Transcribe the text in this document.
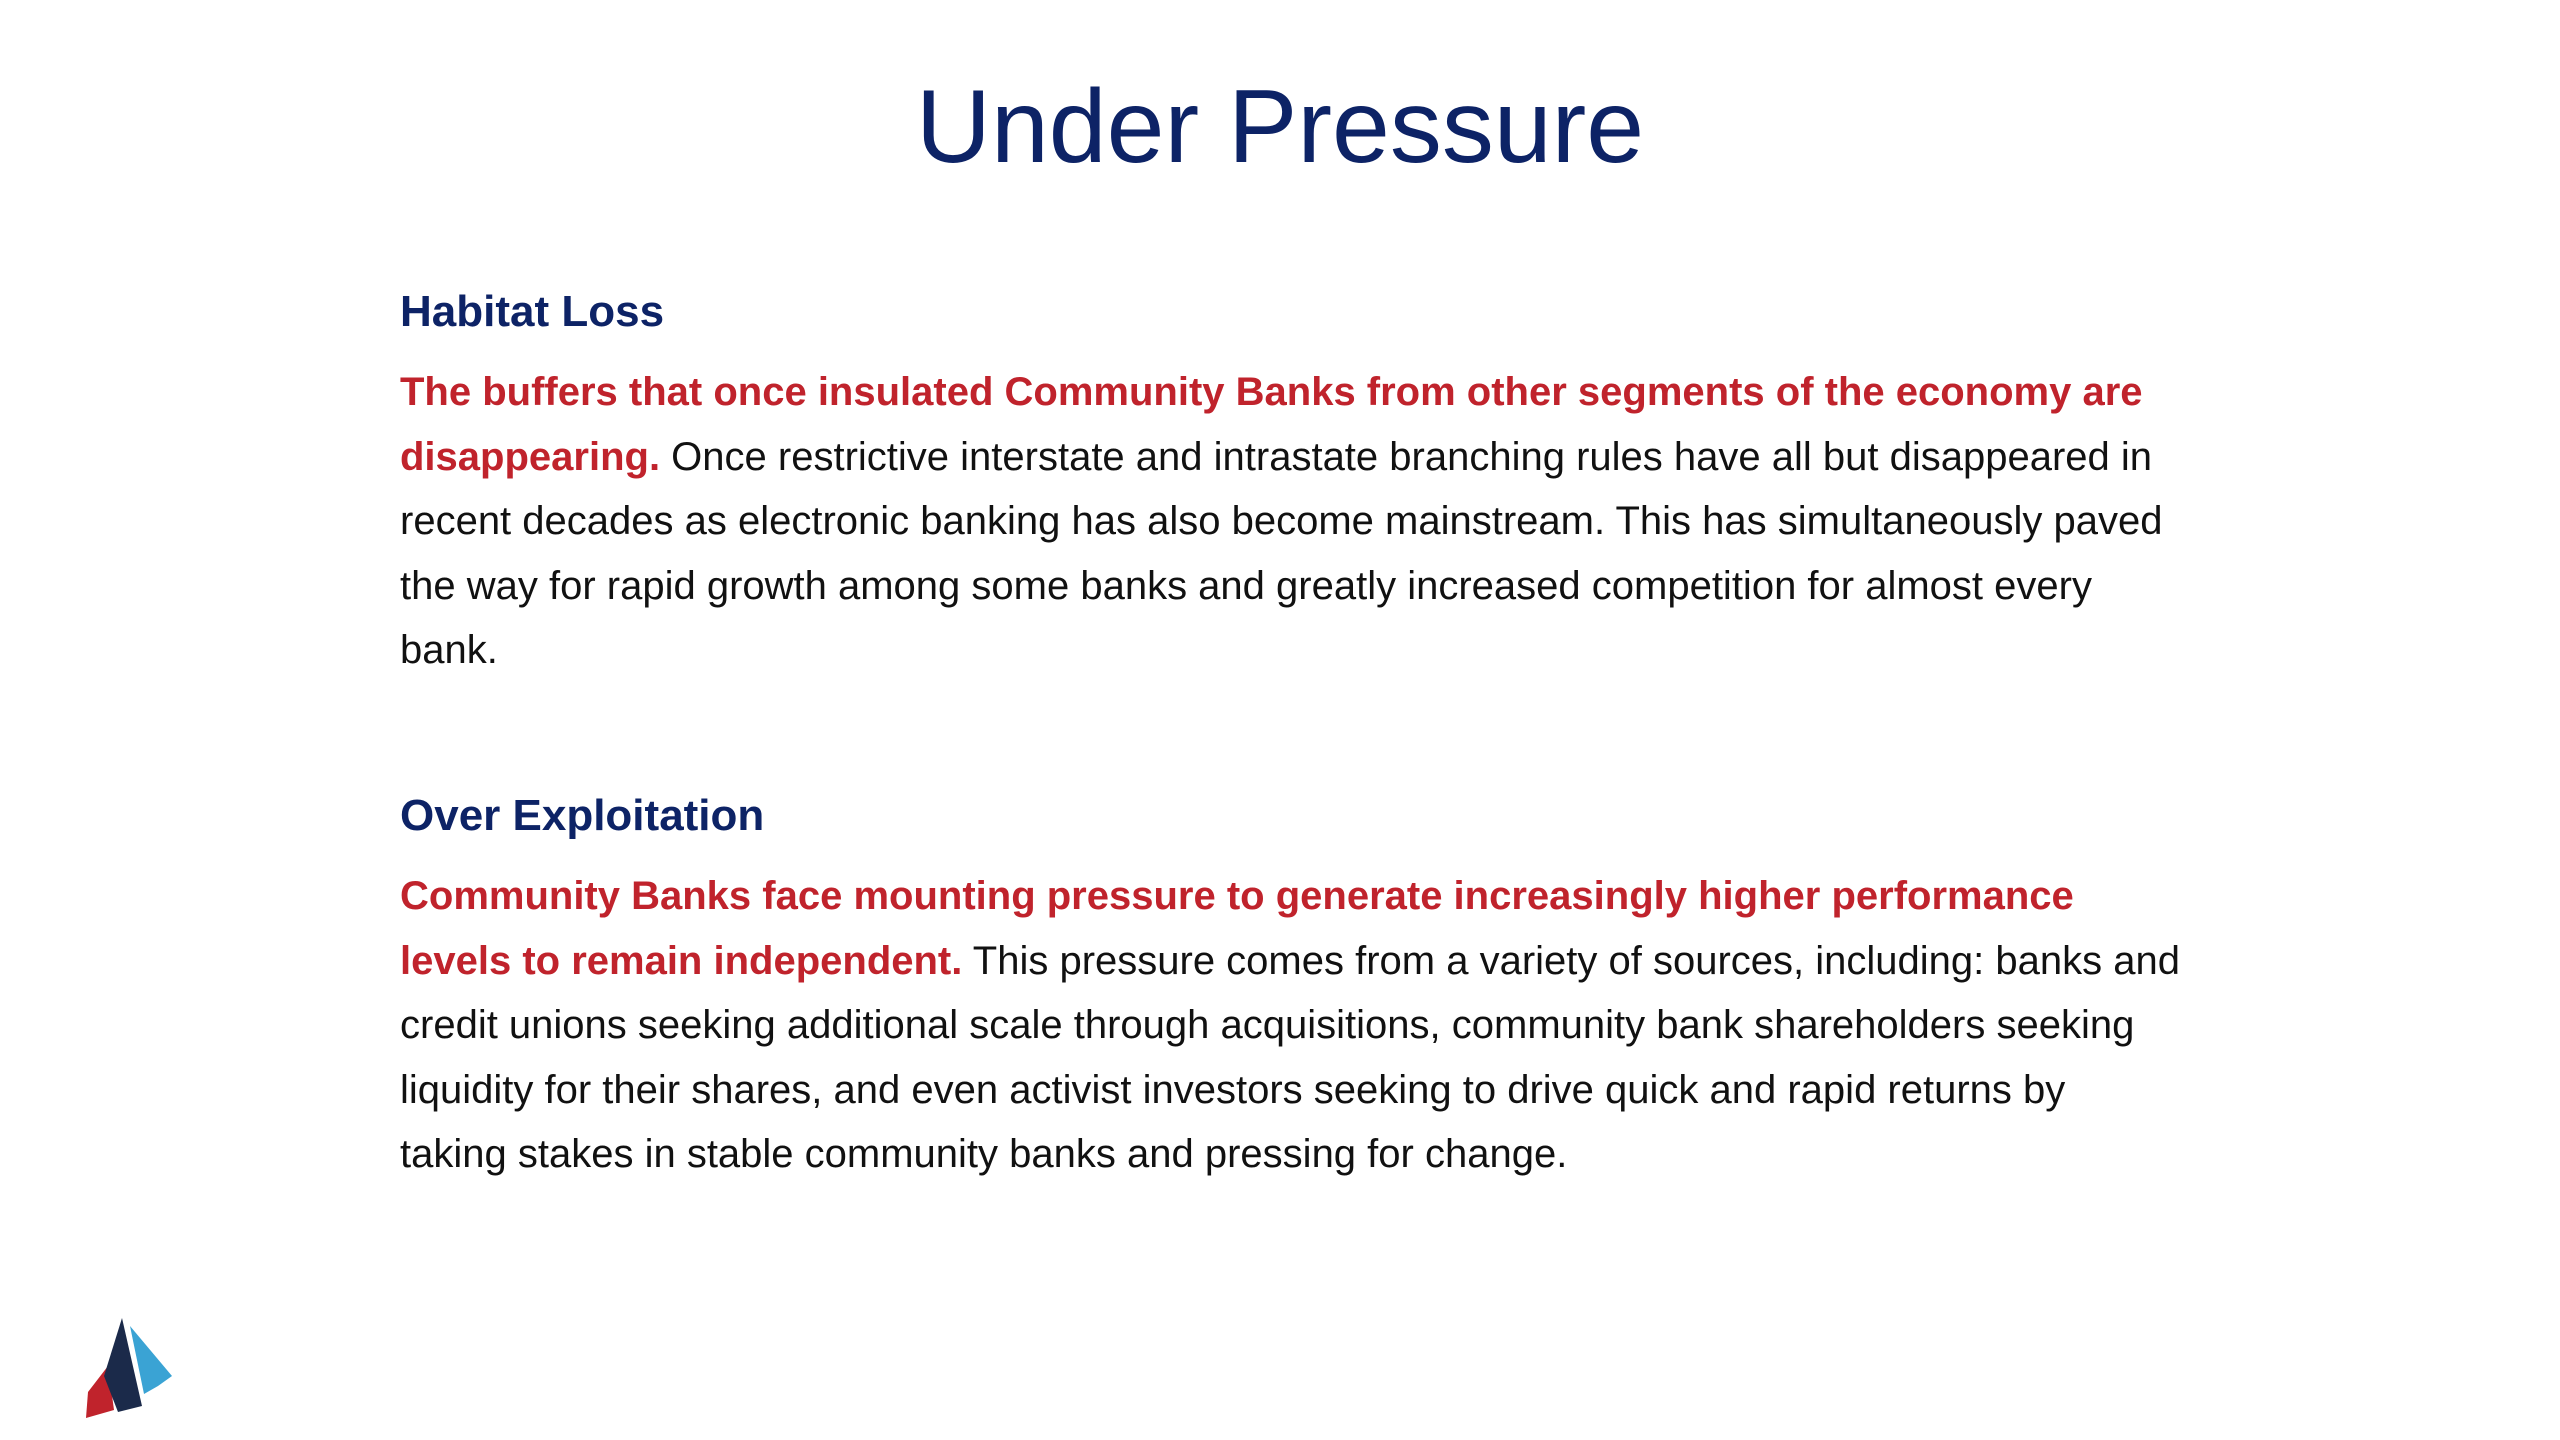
Under Pressure
Habitat Loss

The buffers that once insulated Community Banks from other segments of the economy are disappearing. Once restrictive interstate and intrastate branching rules have all but disappeared in recent decades as electronic banking has also become mainstream. This has simultaneously paved the way for rapid growth among some banks and greatly increased competition for almost every bank.

Over Exploitation

Community Banks face mounting pressure to generate increasingly higher performance levels to remain independent. This pressure comes from a variety of sources, including: banks and credit unions seeking additional scale through acquisitions, community bank shareholders seeking liquidity for their shares, and even activist investors seeking to drive quick and rapid returns by taking stakes in stable community banks and pressing for change.
